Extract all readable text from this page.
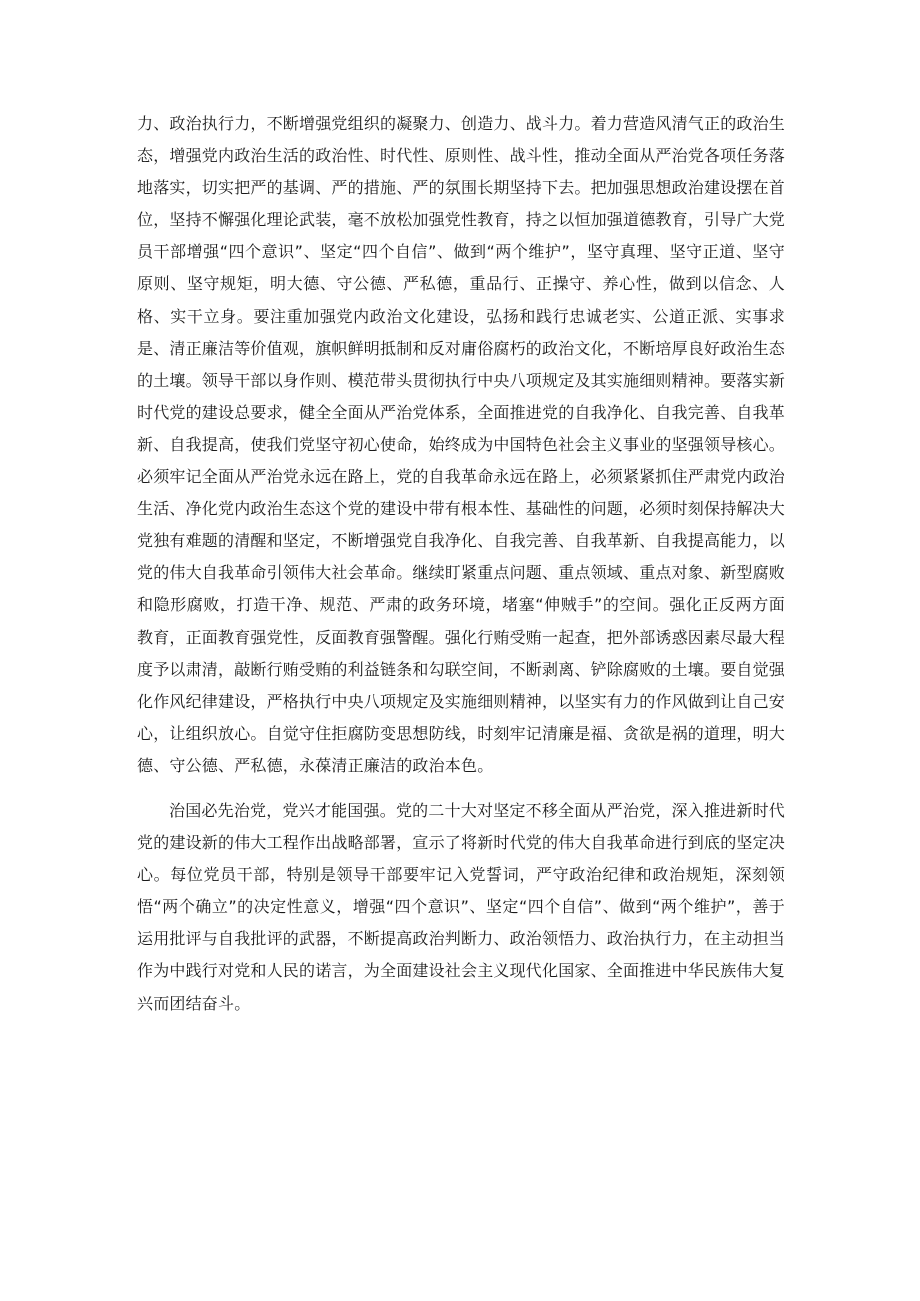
力、政治执行力，不断增强党组织的凝聚力、创造力、战斗力。着力营造风清气正的政治生态，增强党内政治生活的政治性、时代性、原则性、战斗性，推动全面从严治党各项任务落地落实，切实把严的基调、严的措施、严的氛围长期坚持下去。把加强思想政治建设摆在首位，坚持不懈强化理论武装，毫不放松加强党性教育，持之以恒加强道德教育，引导广大党员干部增强“四个意识”、坚定“四个自信”、做到“两个维护”，坚守真理、坚守正道、坚守原则、坚守规矩，明大德、守公德、严私德，重品行、正操守、养心性，做到以信念、人格、实干立身。要注重加强党内政治文化建设，弘扬和践行忠诚老实、公道正派、实事求是、清正廉洁等价值观，旗帜鲜明抵制和反对庸俗腐朽的政治文化，不断培厚良好政治生态的土壤。领导干部以身作则、模范带头贯彻执行中央八项规定及其实施细则精神。要落实新时代党的建设总要求，健全全面从严治党体系，全面推进党的自我净化、自我完善、自我革新、自我提高，使我们党坚守初心使命，始终成为中国特色社会主义事业的坚强领导核心。必须牢记全面从严治党永远在路上，党的自我革命永远在路上，必须紧紧抓住严肃党内政治生活、净化党内政治生态这个党的建设中带有根本性、基础性的问题，必须时刻保持解决大党独有难题的清醒和坚定，不断增强党自我净化、自我完善、自我革新、自我提高能力，以党的伟大自我革命引领伟大社会革命。继续盯紧重点问题、重点领域、重点对象、新型腐败和隐形腐败，打造干净、规范、严肃的政务环境，堵塞“伸贼手”的空间。强化正反两方面教育，正面教育强党性，反面教育强警醒。强化行贿受贿一起查，把外部诱惑因素尽最大程度予以肃清，敲断行贿受贿的利益链条和勾联空间，不断剥离、铲除腐败的土壤。要自觉强化作风纪律建设，严格执行中央八项规定及实施细则精神，以坚实有力的作风做到让自己安心，让组织放心。自觉守住拒腐防变思想防线，时刻牢记清廉是福、贪欲是祸的道理，明大德、守公德、严私德，永葆清正廉洁的政治本色。

治国必先治党，党兴才能国强。党的二十大对坚定不移全面从严治党，深入推进新时代党的建设新的伟大工程作出战略部署，宣示了将新时代党的伟大自我革命进行到底的坚定决心。每位党员干部，特别是领导干部要牢记入党誓词，严守政治纪律和政治规矩，深刻领悟“两个确立”的决定性意义，增强“四个意识”、坚定“四个自信”、做到“两个维护”，善于运用批评与自我批评的武器，不断提高政治判断力、政治领悟力、政治执行力，在主动担当作为中践行对党和人民的诺言，为全面建设社会主义现代化国家、全面推进中华民族伟大复兴而团结奋斗。
